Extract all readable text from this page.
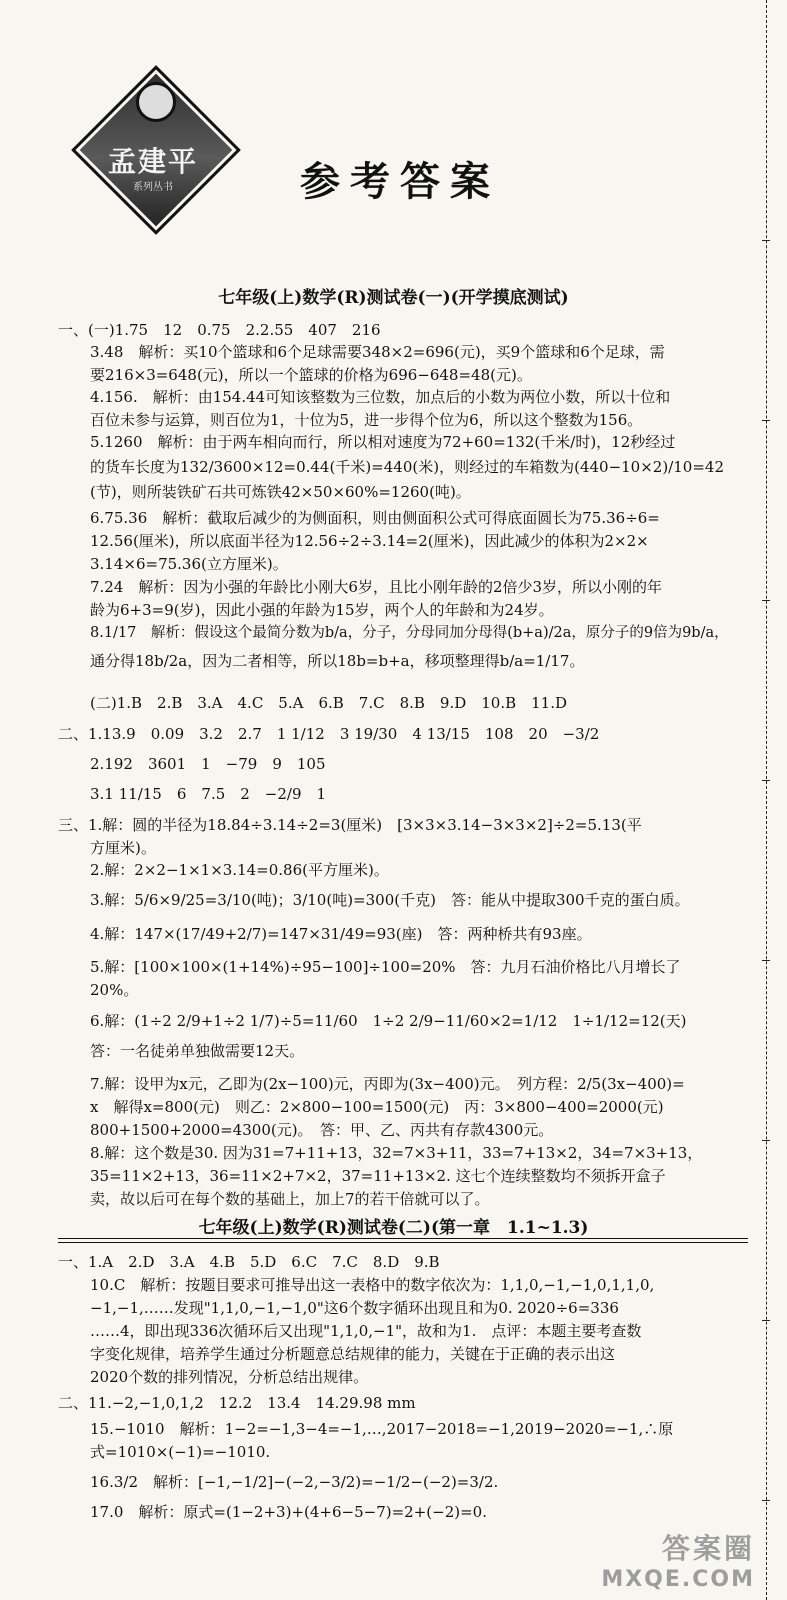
孟建平
系列丛书	参考答案
七年级(上)数学(R)测试卷(一)(开学摸底测试)
一、(一)1.75　12　0.75　2.2.55　407　216
3.48　解析：买10个篮球和6个足球需要348×2=696(元)，买9个篮球和6个足球，需
要216×3=648(元)，所以一个篮球的价格为696−648=48(元)。
4.156.　解析：由154.44可知该整数为三位数，加点后的小数为两位小数，所以十位和
百位未参与运算，则百位为1，十位为5，进一步得个位为6，所以这个整数为156。
5.1260　解析：由于两车相向而行，所以相对速度为72+60=132(千米/时)，12秒经过
的货车长度为132/3600×12=0.44(千米)=440(米)，则经过的车箱数为(440−10×2)/10=42
(节)，则所装铁矿石共可炼铁42×50×60%=1260(吨)。
6.75.36　解析：截取后减少的为侧面积，则由侧面积公式可得底面圆长为75.36÷6=
12.56(厘米)，所以底面半径为12.56÷2÷3.14=2(厘米)，因此减少的体积为2×2×
3.14×6=75.36(立方厘米)。
7.24　解析：因为小强的年龄比小刚大6岁，且比小刚年龄的2倍少3岁，所以小刚的年
龄为6+3=9(岁)，因此小强的年龄为15岁，两个人的年龄和为24岁。
8.1/17　解析：假设这个最简分数为b/a，分子，分母同加分母得(b+a)/2a，原分子的9倍为9b/a，
通分得18b/2a，因为二者相等，所以18b=b+a，移项整理得b/a=1/17。
(二)1.B　2.B　3.A　4.C　5.A　6.B　7.C　8.B　9.D　10.B　11.D
二、1.13.9　0.09　3.2　2.7　1 1/12　3 19/30　4 13/15　108　20　−3/2
2.192　3601　1　−79　9　105
3.1 11/15　6　7.5　2　−2/9　1
三、1.解：圆的半径为18.84÷3.14÷2=3(厘米)　[3×3×3.14−3×3×2]÷2=5.13(平
方厘米)。
2.解：2×2−1×1×3.14=0.86(平方厘米)。
3.解：5/6×9/25=3/10(吨)；3/10(吨)=300(千克)　答：能从中提取300千克的蛋白质。
4.解：147×(17/49+2/7)=147×31/49=93(座)　答：两种桥共有93座。
5.解：[100×100×(1+14%)÷95−100]÷100=20%　答：九月石油价格比八月增长了
20%。
6.解：(1÷2 2/9+1÷2 1/7)÷5=11/60　1÷2 2/9−11/60×2=1/12　1÷1/12=12(天)
答：一名徒弟单独做需要12天。
7.解：设甲为x元，乙即为(2x−100)元，丙即为(3x−400)元。　列方程：2/5(3x−400)=
x　解得x=800(元)　则乙：2×800−100=1500(元)　丙：3×800−400=2000(元)
800+1500+2000=4300(元)。　答：甲、乙、丙共有存款4300元。
8.解：这个数是30. 因为31=7+11+13，32=7×3+11，33=7+13×2，34=7×3+13，
35=11×2+13，36=11×2+7×2，37=11+13×2. 这七个连续整数均不须拆开盒子
卖，故以后可在每个数的基础上，加上7的若干倍就可以了。
七年级(上)数学(R)测试卷(二)(第一章　1.1~1.3)
一、1.A　2.D　3.A　4.B　5.D　6.C　7.C　8.D　9.B
10.C　解析：按题目要求可推导出这一表格中的数字依次为：1,1,0,−1,−1,0,1,1,0,
−1,−1,……发现"1,1,0,−1,−1,0"这6个数字循环出现且和为0. 2020÷6=336
……4，即出现336次循环后又出现"1,1,0,−1"，故和为1.　点评：本题主要考查数
字变化规律，培养学生通过分析题意总结规律的能力，关键在于正确的表示出这
2020个数的排列情况，分析总结出规律。
二、11.−2,−1,0,1,2　12.2　13.4　14.29.98 mm
15.−1010　解析：1−2=−1,3−4=−1,…,2017−2018=−1,2019−2020=−1,∴原
式=1010×(−1)=−1010.
16.3/2　解析：[−1,−1/2]−(−2,−3/2)=−1/2−(−2)=3/2.
17.0　解析：原式=(1−2+3)+(4+6−5−7)=2+(−2)=0.
答案圈
MXQE.COM
